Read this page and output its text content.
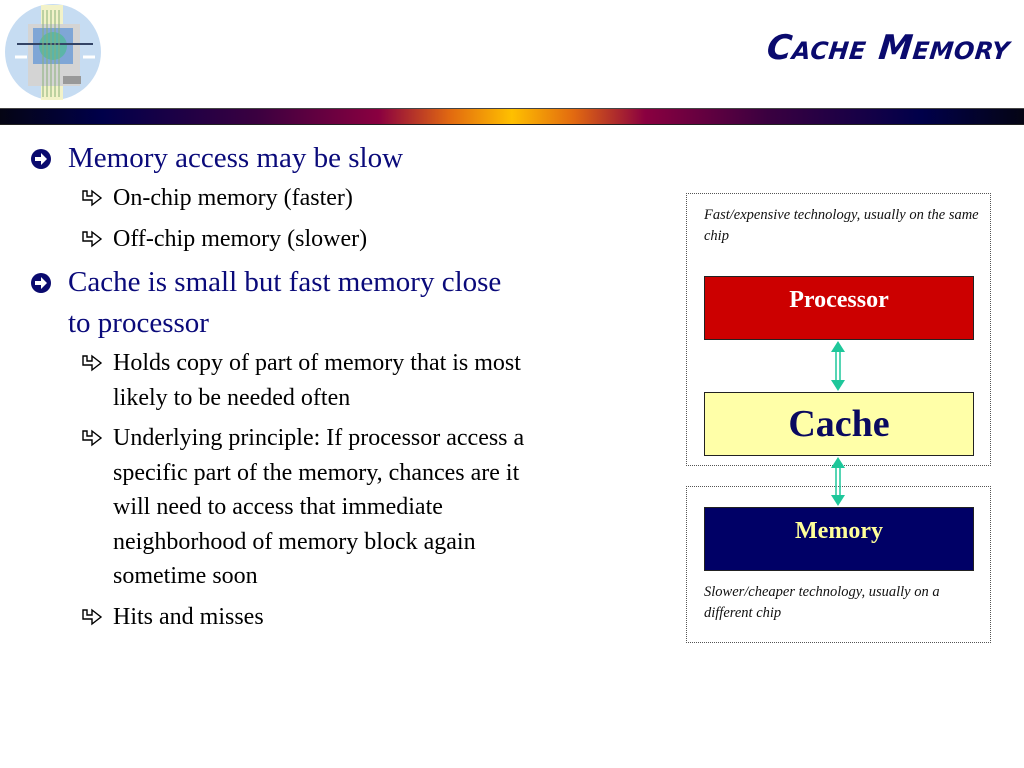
Cache Memory
Memory access may be slow
On-chip memory (faster)
Off-chip memory (slower)
Cache is small but fast memory close to processor
Holds copy of part of memory that is most likely to be needed often
Underlying principle: If processor access a specific part of the memory, chances are it will need to access that immediate neighborhood of memory block again sometime soon
Hits and misses
Fast/expensive technology, usually on the same chip
Slower/cheaper technology, usually on a different chip
Processor
Cache
Memory
